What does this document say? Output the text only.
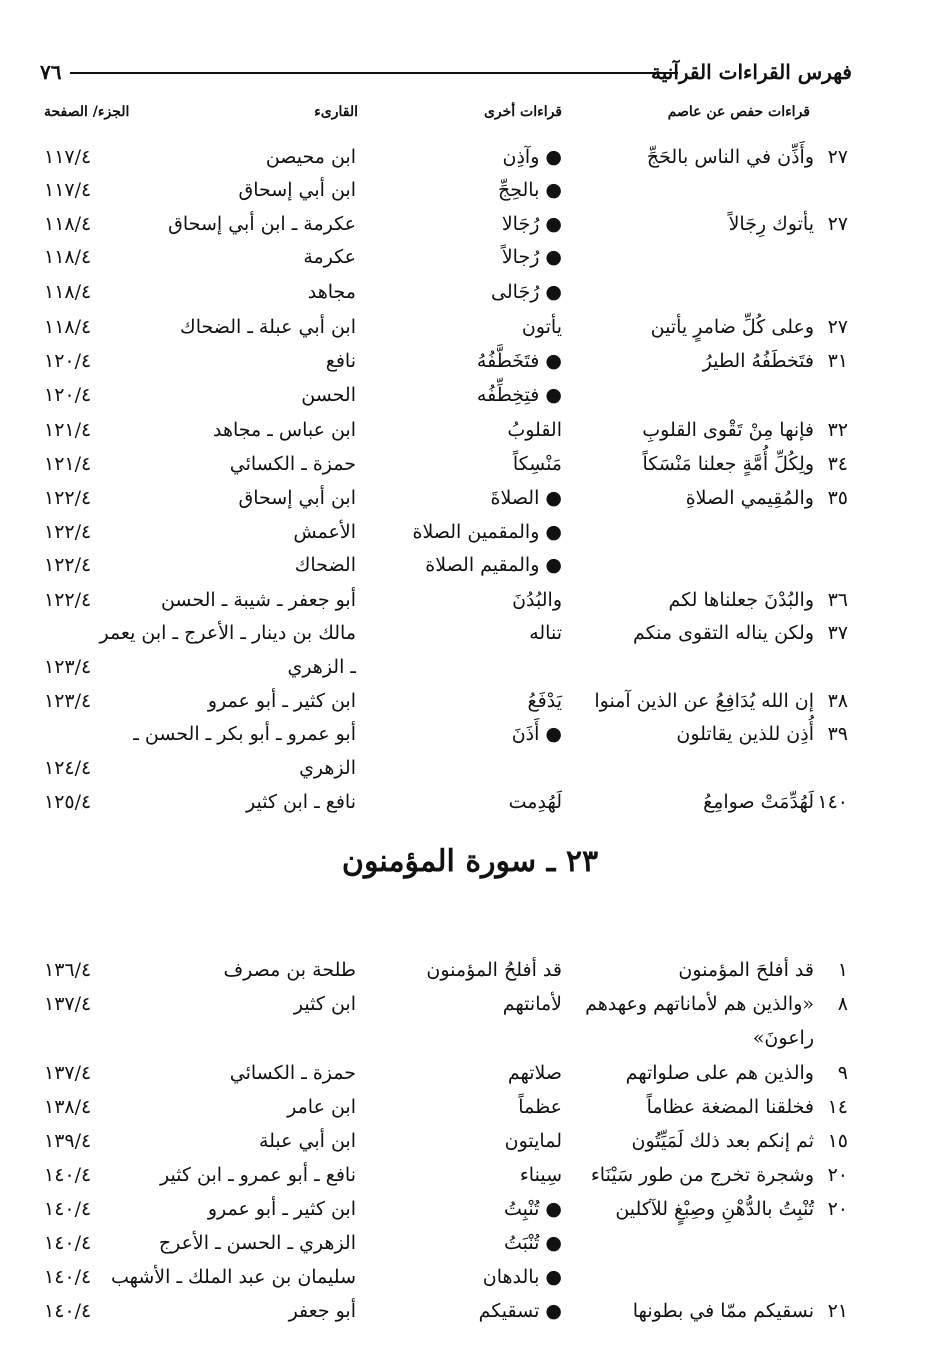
فهرس القراءات القرآنية
٧٦
قراءات حفص عن عاصم
قراءات أخرى
القارىء
الجزء/ الصفحة
٢٧
وأَذِّن في الناس بالحَجِّ
● وآذِن
ابن محيصن
١١٧/٤
● بالحِجِّ
ابن أبي إسحاق
١١٧/٤
٢٧
يأتوك رِجَالاً
● رُجَالا
عكرمة ـ ابن أبي إسحاق
١١٨/٤
● رُجالاً
عكرمة
١١٨/٤
● رُجَالى
مجاهد
١١٨/٤
٢٧
وعلى كُلِّ ضامرٍ يأتين
يأتون
ابن أبي عبلة ـ الضحاك
١١٨/٤
٣١
فتَخطَفُهُ الطيرُ
● فتَخَطَّفُهُ
نافع
١٢٠/٤
● فتِخِطِّفُه
الحسن
١٢٠/٤
٣٢
فإنها مِنْ تَقْوى القلوبِ
القلوبُ
ابن عباس ـ مجاهد
١٢١/٤
٣٤
ولِكُلِّ أُمَّةٍ جعلنا مَنْسَكاً
مَنْسِكاً
حمزة ـ الكسائي
١٢١/٤
٣٥
والمُقِيمي الصلاةِ
● الصلاةَ
ابن أبي إسحاق
١٢٢/٤
● والمقمين الصلاة
الأعمش
١٢٢/٤
● والمقيم الصلاة
الضحاك
١٢٢/٤
٣٦
والبُدْنَ جعلناها لكم
والبُدُنَ
أبو جعفر ـ شيبة ـ الحسن
١٢٢/٤
٣٧
ولكن يناله التقوى منكم
تناله
مالك بن دينار ـ الأعرج ـ ابن يعمر
ـ الزهري
١٢٣/٤
٣٨
إن الله يُدَافِعُ عن الذين آمنوا
يَدْفَعُ
ابن كثير ـ أبو عمرو
١٢٣/٤
٣٩
أُذِن للذين يقاتلون
● أَذَنَ
أبو عمرو ـ أبو بكر ـ الحسن ـ
الزهري
١٢٤/٤
١٤٠
لَهُدِّمَتْ صوامِعُ
لَهُدِمت
نافع ـ ابن كثير
١٢٥/٤
٢٣ ـ سورة المؤمنون
١
قد أفلحَ المؤمنون
قد أفلحُ المؤمنون
طلحة بن مصرف
١٣٦/٤
٨
«والذين هم لأماناتهم وعهدهم
لأمانتهم
ابن كثير
١٣٧/٤
راعونَ»
٩
والذين هم على صلواتهم
صلاتهم
حمزة ـ الكسائي
١٣٧/٤
١٤
فخلقنا المضغة عظاماً
عظماً
ابن عامر
١٣٨/٤
١٥
ثم إنكم بعد ذلك لَمَيِّتُون
لمايتون
ابن أبي عبلة
١٣٩/٤
٢٠
وشجرة تخرج من طور سَيْنَاء
سِيناء
نافع ـ أبو عمرو ـ ابن كثير
١٤٠/٤
٢٠
تُنْبِتُ بالدُّهْنِ وصِبْغٍ للآكلين
● تُنْبِتُ
ابن كثير ـ أبو عمرو
١٤٠/٤
● تُنْبَتُ
الزهري ـ الحسن ـ الأعرج
١٤٠/٤
● بالدهان
سليمان بن عبد الملك ـ الأشهب
١٤٠/٤
٢١
نسقيكم ممّا في بطونها
● تسقيكم
أبو جعفر
١٤٠/٤
